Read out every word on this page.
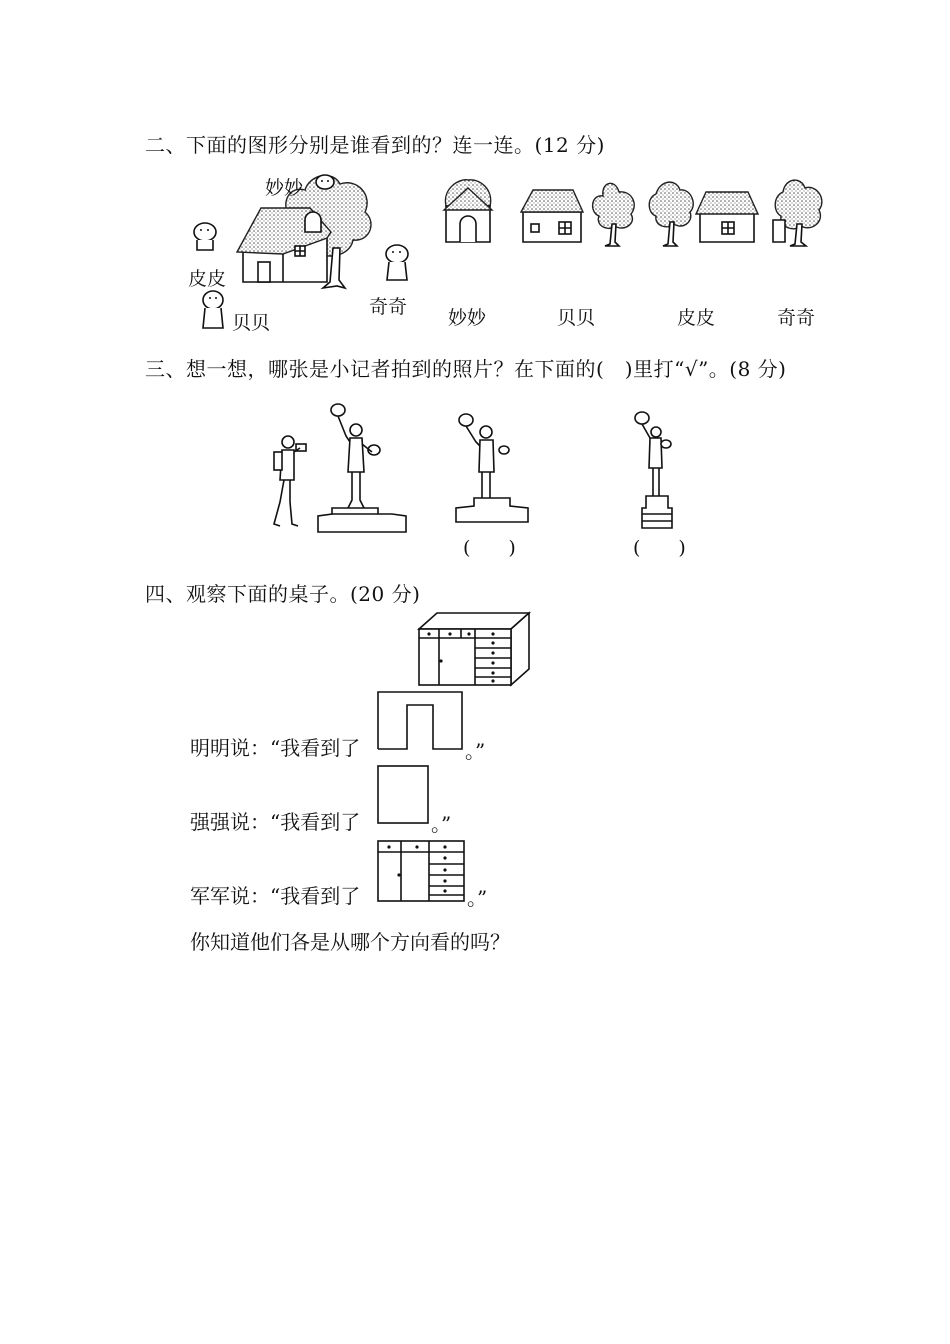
二、下面的图形分别是谁看到的？连一连。(12 分)
妙妙
皮皮
贝贝
奇奇 妙妙	贝贝	皮皮	奇奇
三、想一想，哪张是小记者拍到的照片？在下面的(　)里打“√”。(8 分)
(　　)	(　　)
四、观察下面的桌子。(20 分)
明明说：“我看到了	。”
强强说：“我看到了	。”
军军说：“我看到了	。”
你知道他们各是从哪个方向看的吗？
